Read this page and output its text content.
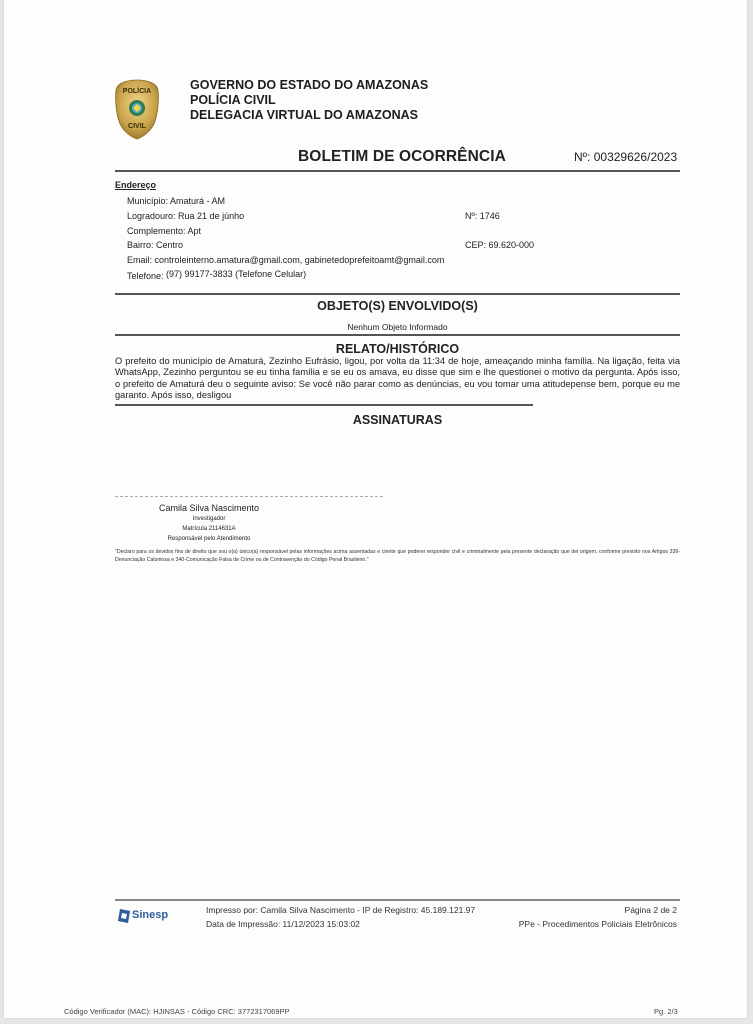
POLÍCIA
CIVIL
GOVERNO DO ESTADO DO AMAZONAS
POLÍCIA CIVIL
DELEGACIA VIRTUAL DO AMAZONAS
BOLETIM DE OCORRÊNCIA	Nº: 00329626/2023
Endereço
Município: Amaturá - AM
Logradouro: Rua 21 de júnho	Nº: 1746
Complemento: Apt
Bairro: Centro	CEP: 69.620-000
Email: controleinterno.amatura@gmail.com, gabinetedoprefeitoamt@gmail.com
Telefone: (97) 99177-3833 (Telefone Celular)
OBJETO(S) ENVOLVIDO(S)
Nenhum Objeto Informado
RELATO/HISTÓRICO
O prefeito do município de Amaturá, Zezinho Eufrásio, ligou, por volta da 11:34 de hoje, ameaçando minha família. Na ligação, feita via WhatsApp, Zezinho perguntou se eu tinha família e se eu os amava, eu disse que sim e lhe questionei o motivo da pergunta. Após isso, o prefeito de Amaturá deu o seguinte aviso: Se você não parar como as denúncias, eu vou tomar uma atitudepense bem, porque eu me garanto. Após isso, desligou
ASSINATURAS
Camila Silva Nascimento
Investigador
Matrícula 2114631A
Responsável pelo Atendimento
"Declaro para os devidos fins de direito que sou o(a) único(a) responsável pelas informações acima assentadas e ciente que poderei responder civil e criminalmente pela presente declaração que dei origem, conforme previsto nos Artigos 339-Denunciação Caluniosa e 340-Comunicação Falsa de Crime ou de Contravenção do Código Penal Brasileiro."
Sinesp	Impresso por: Camila Silva Nascimento - IP de Registro: 45.189.121.97
Data de Impressão: 11/12/2023 15:03:02
Página 2 de 2
PPe - Procedimentos Policiais Eletrônicos
Código Verificador (MAC): HJINSAS - Código CRC: 3772317069PP	Pg. 2/3
